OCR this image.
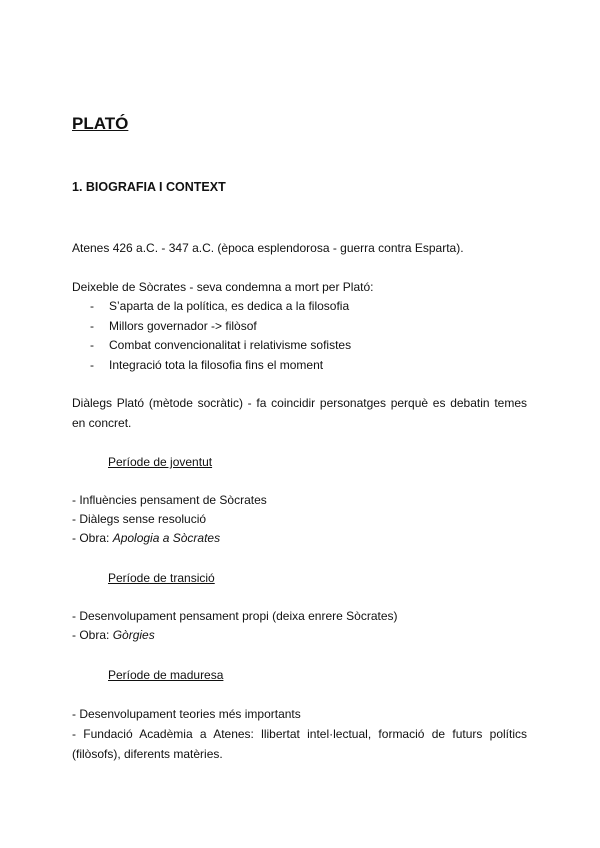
PLATÓ
1. BIOGRAFIA I CONTEXT

Atenes 426 a.C. - 347 a.C. (època esplendorosa - guerra contra Esparta).

Deixeble de Sòcrates - seva condemna a mort per Plató:

- S’aparta de la política, es dedica a la filosofia
- Millors governador -> filòsof
- Combat convencionalitat i relativisme sofistes
- Integració tota la filosofia fins el moment

Diàlegs Plató (mètode socràtic) - fa coincidir personatges perquè es debatin temes en concret.

Període de joventut

- Influències pensament de Sòcrates

- Diàlegs sense resolució

- Obra: Apologia a Sòcrates

Període de transició

- Desenvolupament pensament propi (deixa enrere Sòcrates)

- Obra: Gòrgies

Període de maduresa

- Desenvolupament teories més importants

- Fundació Acadèmia a Atenes: llibertat intel·lectual, formació de futurs polítics (filòsofs), diferents matèries.
